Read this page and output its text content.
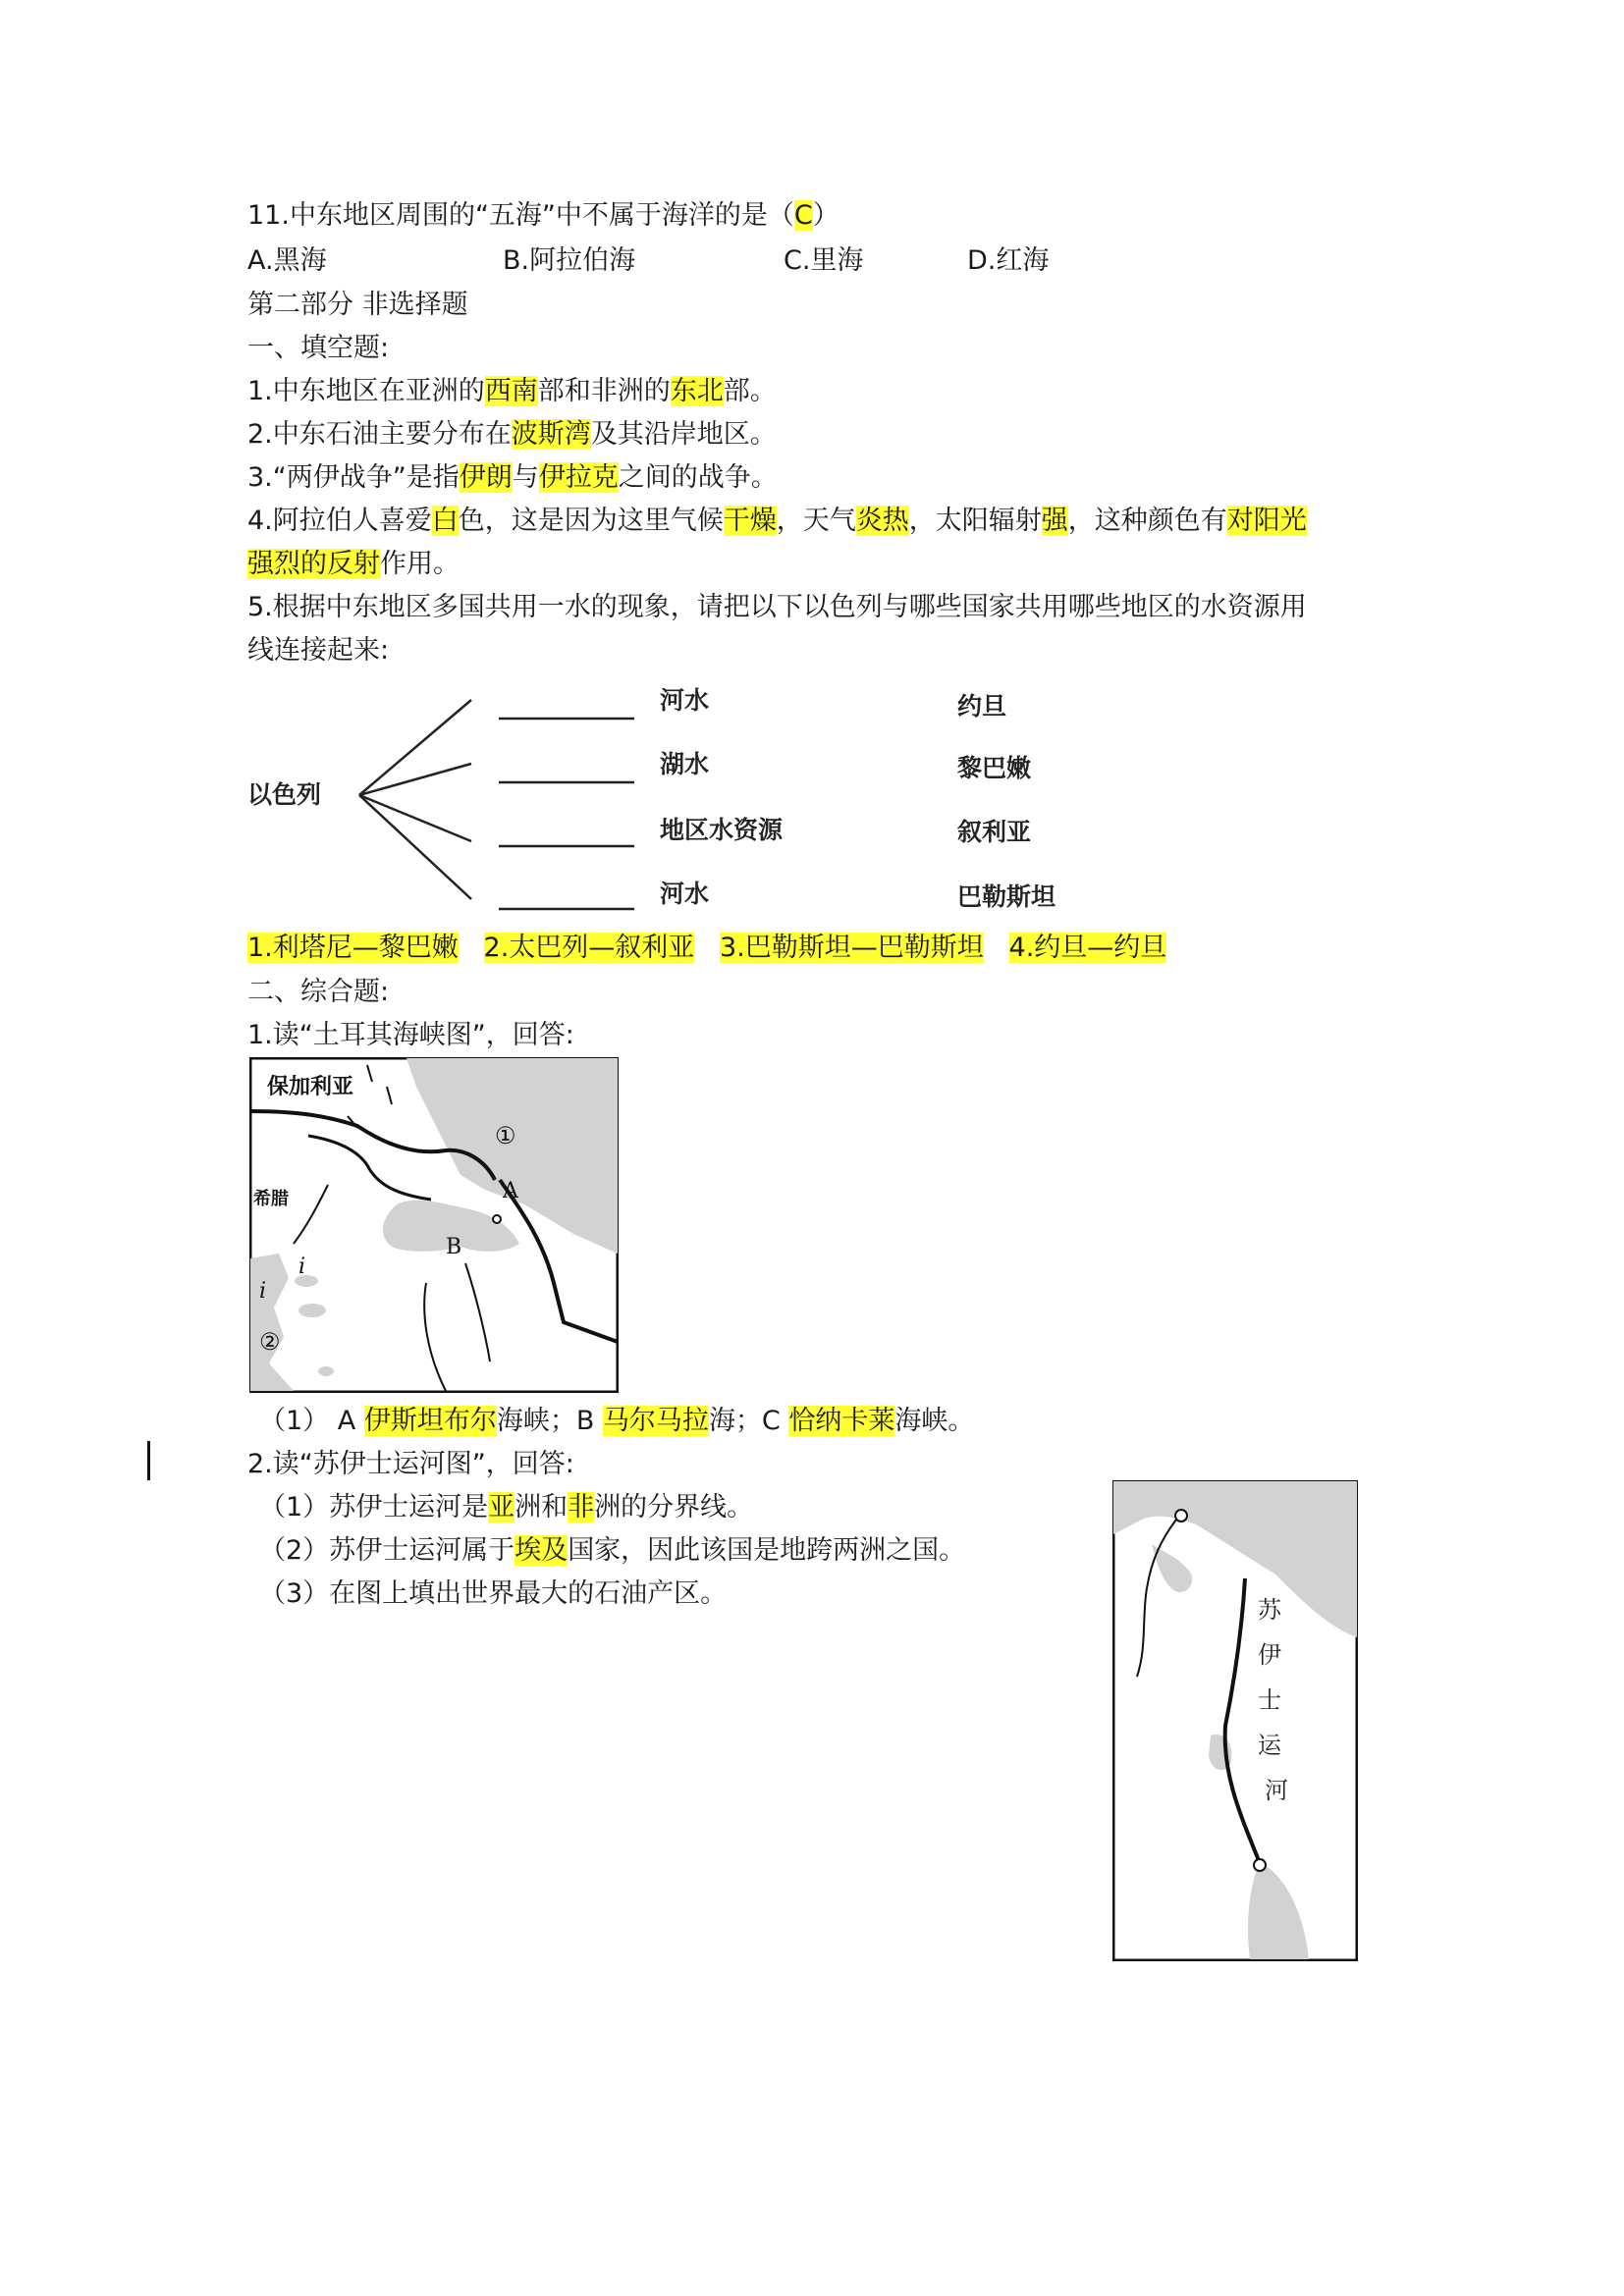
11.中东地区周围的“五海”中不属于海洋的是（C）
A.黑海	B.阿拉伯海	C.里海	D.红海
第二部分 非选择题
一、填空题:
1.中东地区在亚洲的西南部和非洲的东北部。
2.中东石油主要分布在波斯湾及其沿岸地区。
3.“两伊战争”是指伊朗与伊拉克之间的战争。
4.阿拉伯人喜爱白色，这是因为这里气候干燥，天气炎热，太阳辐射强，这种颜色有对阳光
强烈的反射作用。
5.根据中东地区多国共用一水的现象，请把以下以色列与哪些国家共用哪些地区的水资源用
线连接起来:
以色列
河水
湖水
地区水资源
河水
约旦
黎巴嫩
叙利亚
巴勒斯坦
1.利塔尼—黎巴嫩 2.太巴列—叙利亚 3.巴勒斯坦—巴勒斯坦 4.约旦—约旦
二、综合题:
1.读“土耳其海峡图”，回答:
保加利亚
希腊
①
②
A
B
i
i
（1） A 伊斯坦布尔海峡；B 马尔马拉海；C 恰纳卡莱海峡。
2.读“苏伊士运河图”，回答:
（1）苏伊士运河是亚洲和非洲的分界线。
（2）苏伊士运河属于埃及国家，因此该国是地跨两洲之国。
（3）在图上填出世界最大的石油产区。
苏
伊
士
运
河
